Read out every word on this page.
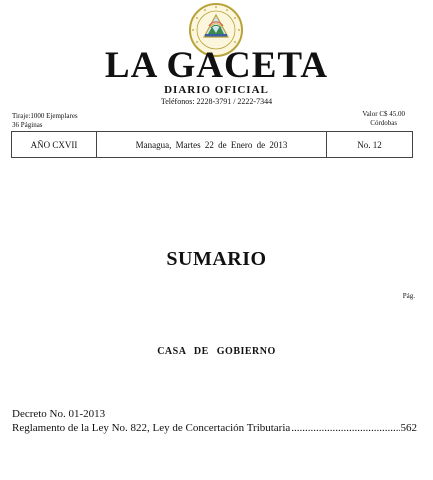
LA GACETA
DIARIO OFICIAL
Teléfonos: 2228-3791 / 2222-7344
Tiraje:1000 Ejemplares
36 Páginas
Valor C$ 45.00
Córdobas
AÑO CXVII	Managua, Martes 22 de Enero de 2013	No. 12
SUMARIO
Pág.
CASA DE GOBIERNO
Decreto No. 01-2013
Reglamento de la Ley No. 822, Ley de Concertación Tributaria
.....	562
